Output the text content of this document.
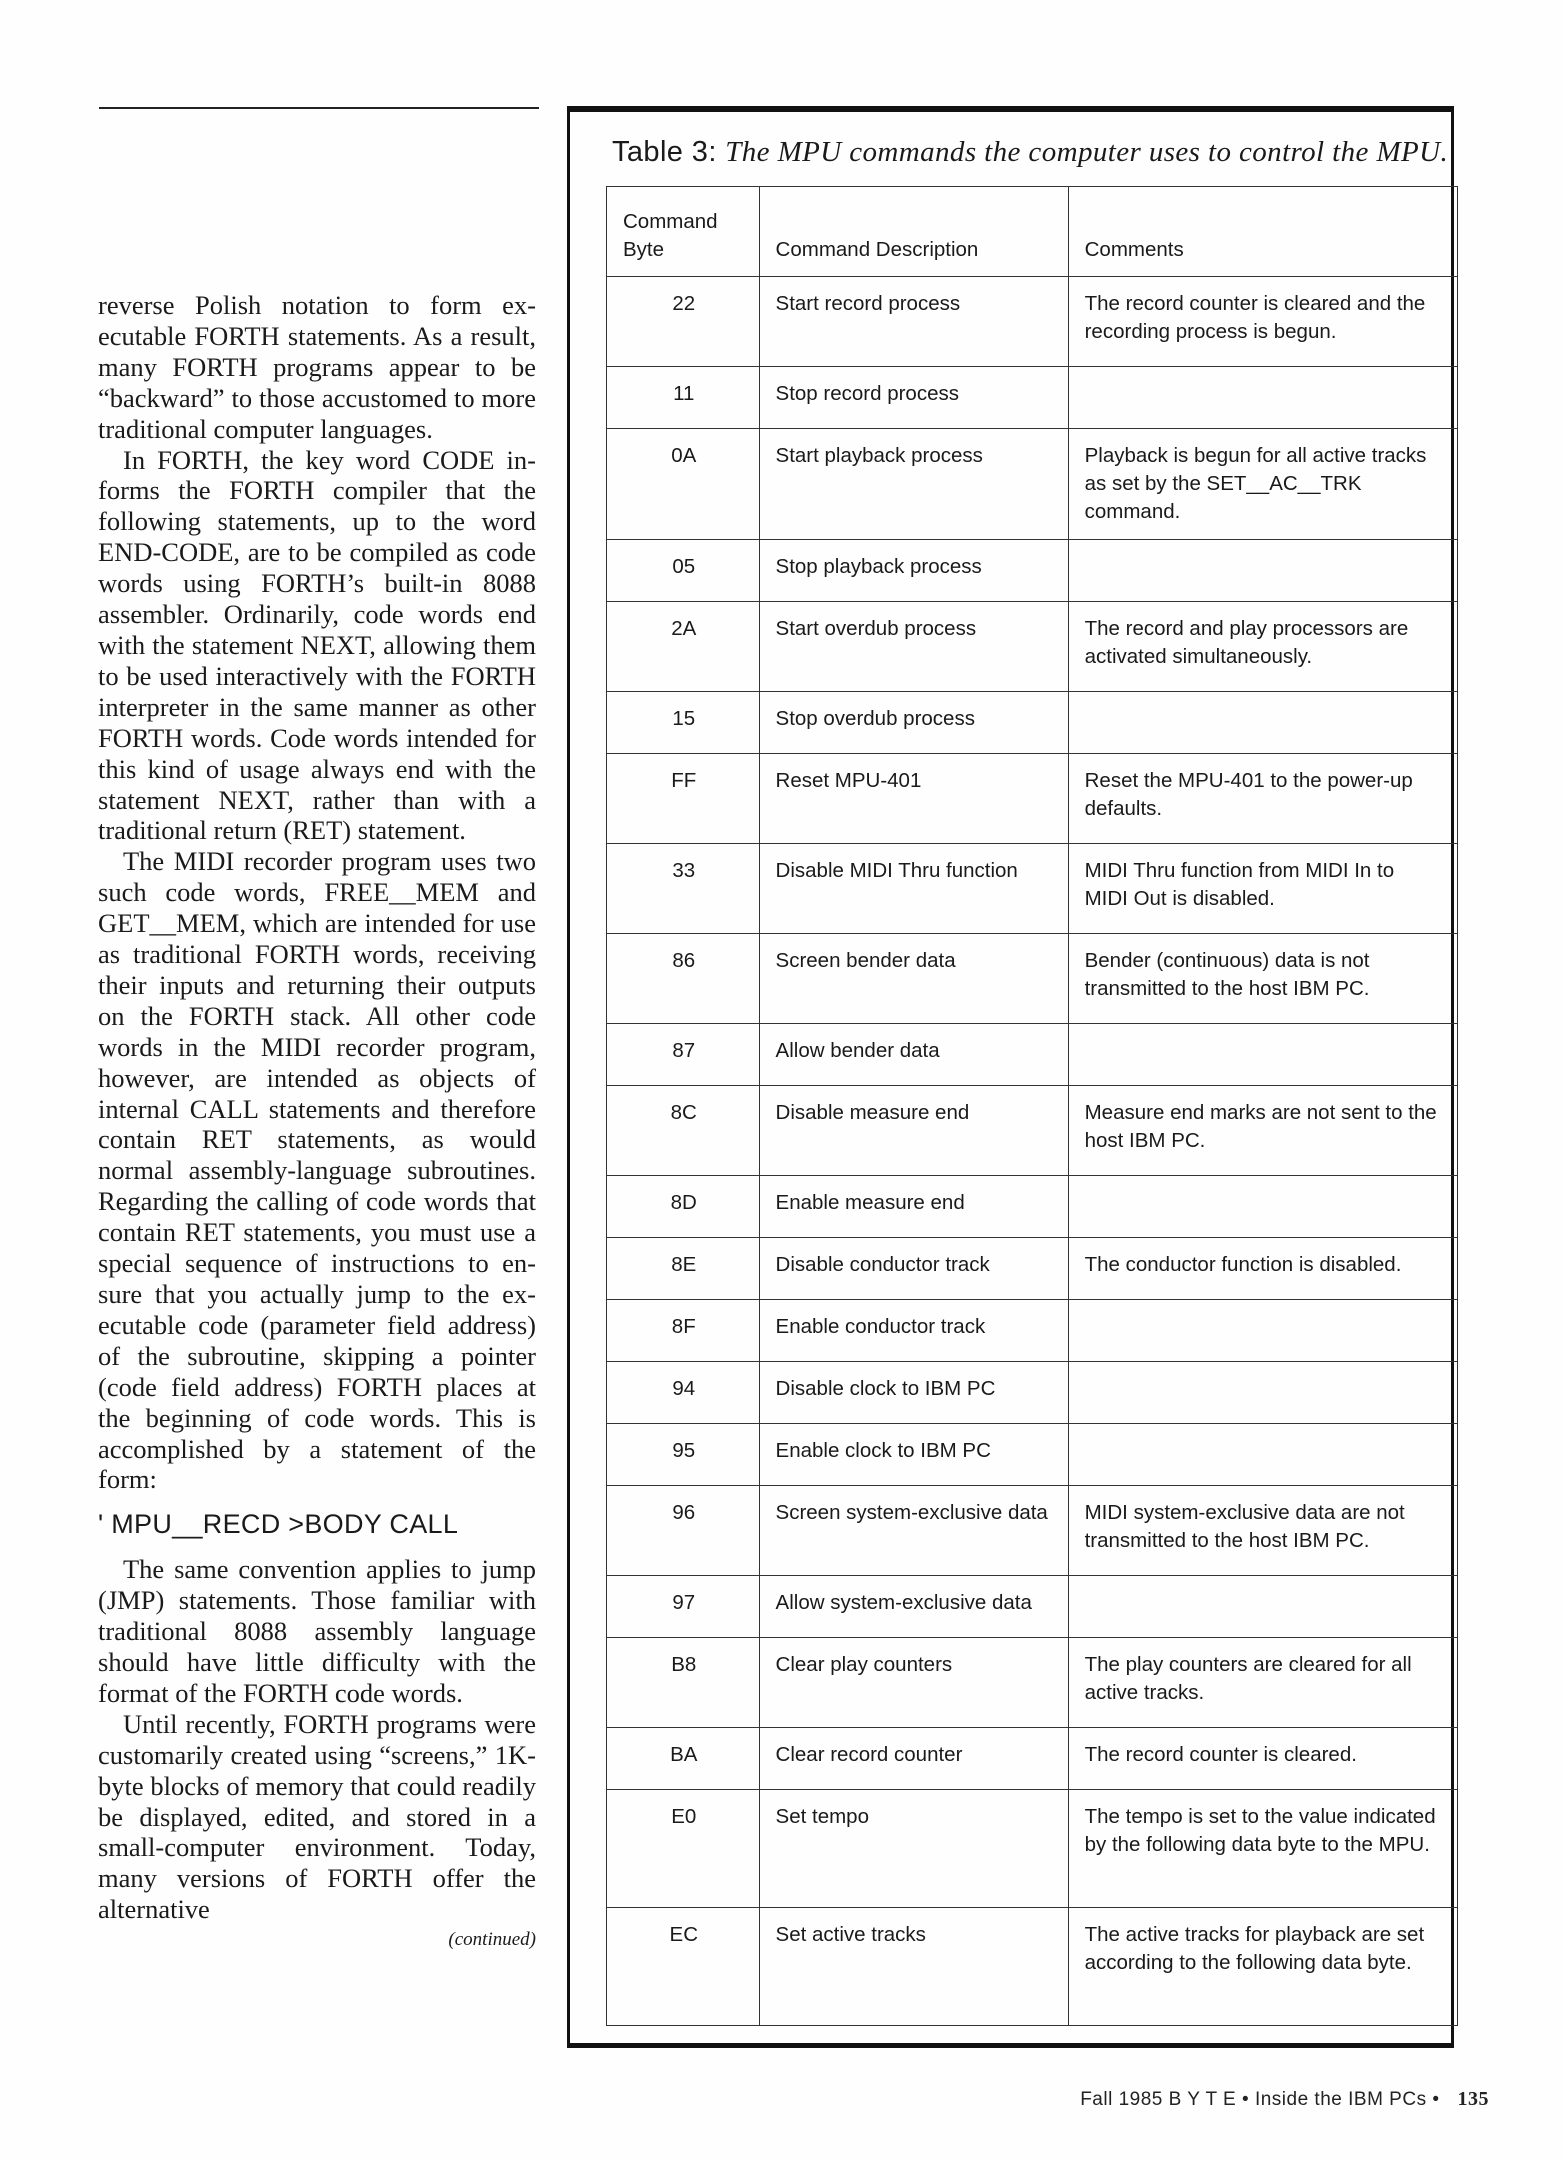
reverse Polish notation to form executable FORTH statements. As a result, many FORTH programs appear to be “backward” to those accustomed to more traditional computer languages.

In FORTH, the key word CODE informs the FORTH compiler that the following statements, up to the word END-CODE, are to be compiled as code words using FORTH’s built-in 8088 assembler. Ordinarily, code words end with the statement NEXT, allowing them to be used interactively with the FORTH interpreter in the same manner as other FORTH words. Code words intended for this kind of usage always end with the statement NEXT, rather than with a traditional return (RET) statement.

The MIDI recorder program uses two such code words, FREE__MEM and GET__MEM, which are intended for use as traditional FORTH words, receiving their inputs and returning their outputs on the FORTH stack. All other code words in the MIDI recorder program, however, are intended as objects of internal CALL statements and therefore contain RET statements, as would normal assembly-language subroutines. Regarding the calling of code words that contain RET statements, you must use a special sequence of instructions to ensure that you actually jump to the executable code (parameter field address) of the subroutine, skipping a pointer (code field address) FORTH places at the beginning of code words. This is accomplished by a statement of the form:

' MPU__RECD >BODY CALL

The same convention applies to jump (JMP) statements. Those familiar with traditional 8088 assembly language should have little difficulty with the format of the FORTH code words.

Until recently, FORTH programs were customarily created using “screens,” 1K-byte blocks of memory that could readily be displayed, edited, and stored in a small-computer environment. Today, many versions of FORTH offer the alternative

(continued)
Table 3: The MPU commands the computer uses to control the MPU.
Command Byte	Command Description	Comments
22	Start record process	The record counter is cleared and the recording process is begun.
11	Stop record process	
0A	Start playback process	Playback is begun for all active tracks as set by the SET__AC__TRK command.
05	Stop playback process	
2A	Start overdub process	The record and play processors are activated simultaneously.
15	Stop overdub process	
FF	Reset MPU-401	Reset the MPU-401 to the power-up defaults.
33	Disable MIDI Thru function	MIDI Thru function from MIDI In to MIDI Out is disabled.
86	Screen bender data	Bender (continuous) data is not transmitted to the host IBM PC.
87	Allow bender data	
8C	Disable measure end	Measure end marks are not sent to the host IBM PC.
8D	Enable measure end	
8E	Disable conductor track	The conductor function is disabled.
8F	Enable conductor track	
94	Disable clock to IBM PC	
95	Enable clock to IBM PC	
96	Screen system-exclusive data	MIDI system-exclusive data are not transmitted to the host IBM PC.
97	Allow system-exclusive data	
B8	Clear play counters	The play counters are cleared for all active tracks.
BA	Clear record counter	The record counter is cleared.
E0	Set tempo	The tempo is set to the value indicated by the following data byte to the MPU.
EC	Set active tracks	The active tracks for playback are set according to the following data byte.
Fall 1985 B Y T E • Inside the IBM PCs • 135
